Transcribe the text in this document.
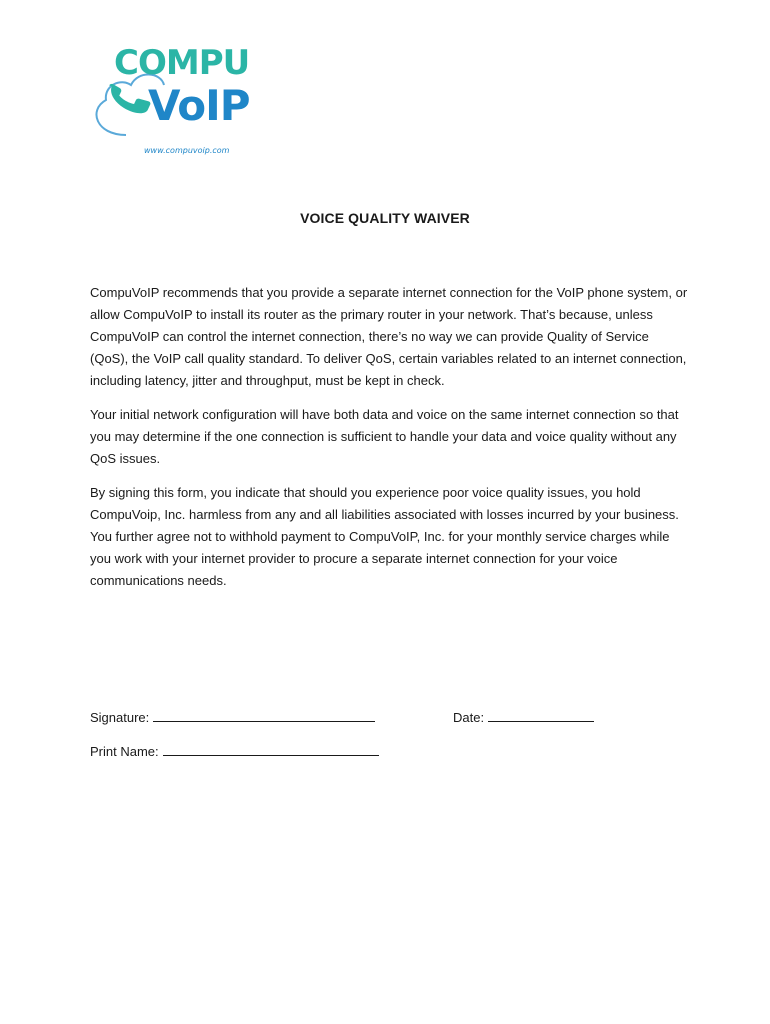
COMPU
VoIP
www.compuvoip.com
VOICE QUALITY WAIVER

CompuVoIP recommends that you provide a separate internet connection for the VoIP phone system, or allow CompuVoIP to install its router as the primary router in your network. That’s because, unless CompuVoIP can control the internet connection, there’s no way we can provide Quality of Service (QoS), the VoIP call quality standard. To deliver QoS, certain variables related to an internet connection, including latency, jitter and throughput, must be kept in check.

Your initial network configuration will have both data and voice on the same internet connection so that you may determine if the one connection is sufficient to handle your data and voice quality without any QoS issues.

By signing this form, you indicate that should you experience poor voice quality issues, you hold CompuVoip, Inc. harmless from any and all liabilities associated with losses incurred by your business. You further agree not to withhold payment to CompuVoIP, Inc. for your monthly service charges while you work with your internet provider to procure a separate internet connection for your voice communications needs.

Signature:	Date:
Print Name:
